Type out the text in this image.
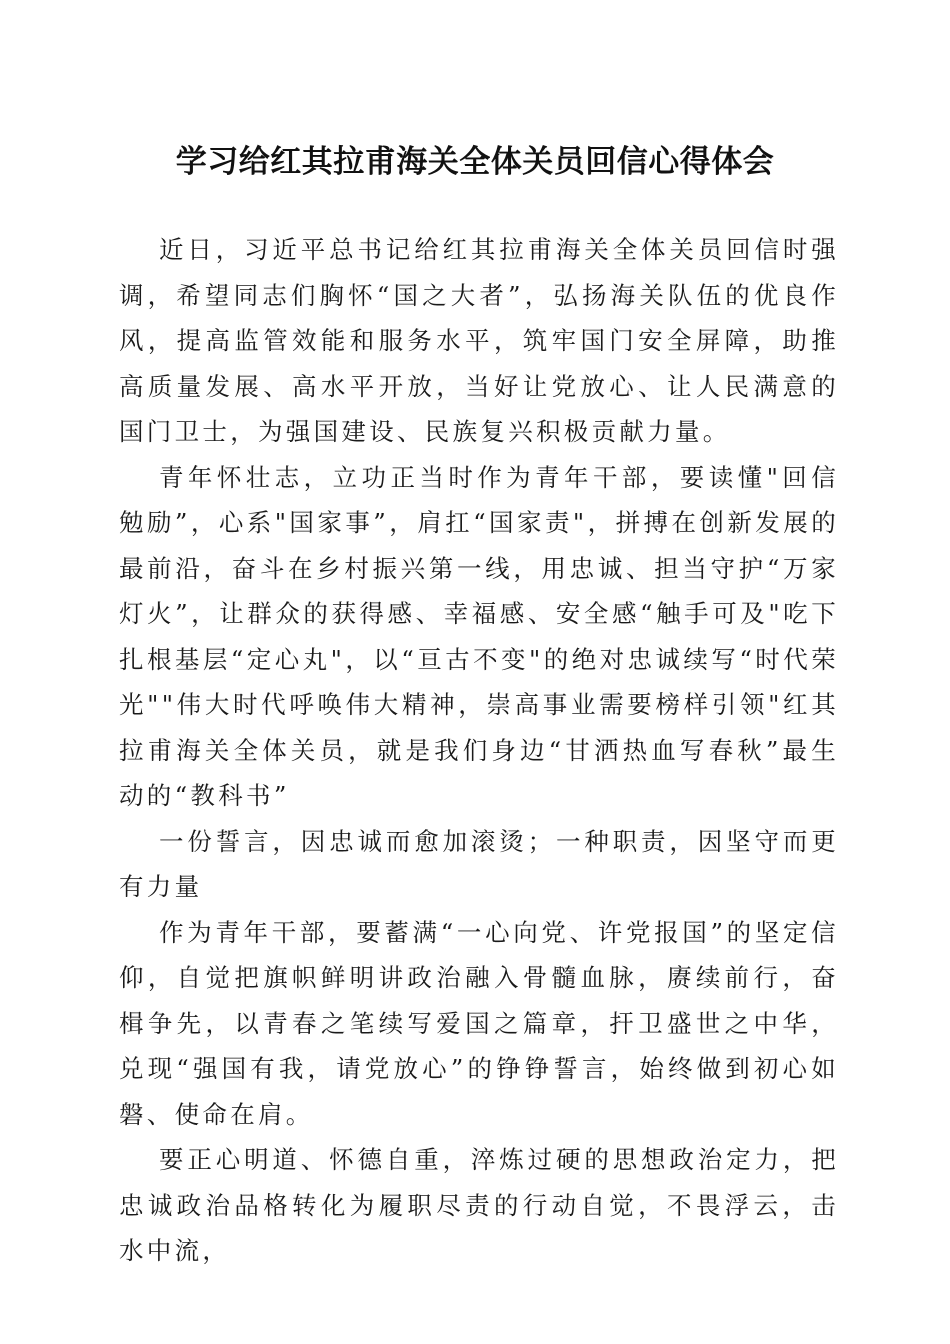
学习给红其拉甫海关全体关员回信心得体会

近日，习近平总书记给红其拉甫海关全体关员回信时强调，希望同志们胸怀“国之大者”，弘扬海关队伍的优良作风，提高监管效能和服务水平，筑牢国门安全屏障，助推高质量发展、高水平开放，当好让党放心、让人民满意的国门卫士，为强国建设、民族复兴积极贡献力量。

青年怀壮志，立功正当时作为青年干部，要读懂"回信勉励”，心系"国家事”，肩扛“国家责"，拼搏在创新发展的最前沿，奋斗在乡村振兴第一线，用忠诚、担当守护“万家灯火”，让群众的获得感、幸福感、安全感“触手可及"吃下扎根基层“定心丸"，以“亘古不变"的绝对忠诚续写“时代荣光""伟大时代呼唤伟大精神，崇高事业需要榜样引领"红其拉甫海关全体关员，就是我们身边“甘洒热血写春秋”最生动的“教科书”

一份誓言，因忠诚而愈加滚烫；一种职责，因坚守而更有力量

作为青年干部，要蓄满“一心向党、许党报国”的坚定信仰，自觉把旗帜鲜明讲政治融入骨髓血脉，赓续前行，奋楫争先，以青春之笔续写爱国之篇章，扞卫盛世之中华，兑现“强国有我，请党放心”的铮铮誓言，始终做到初心如磐、使命在肩。

要正心明道、怀德自重，淬炼过硬的思想政治定力，把忠诚政治品格转化为履职尽责的行动自觉，不畏浮云，击水中流，
